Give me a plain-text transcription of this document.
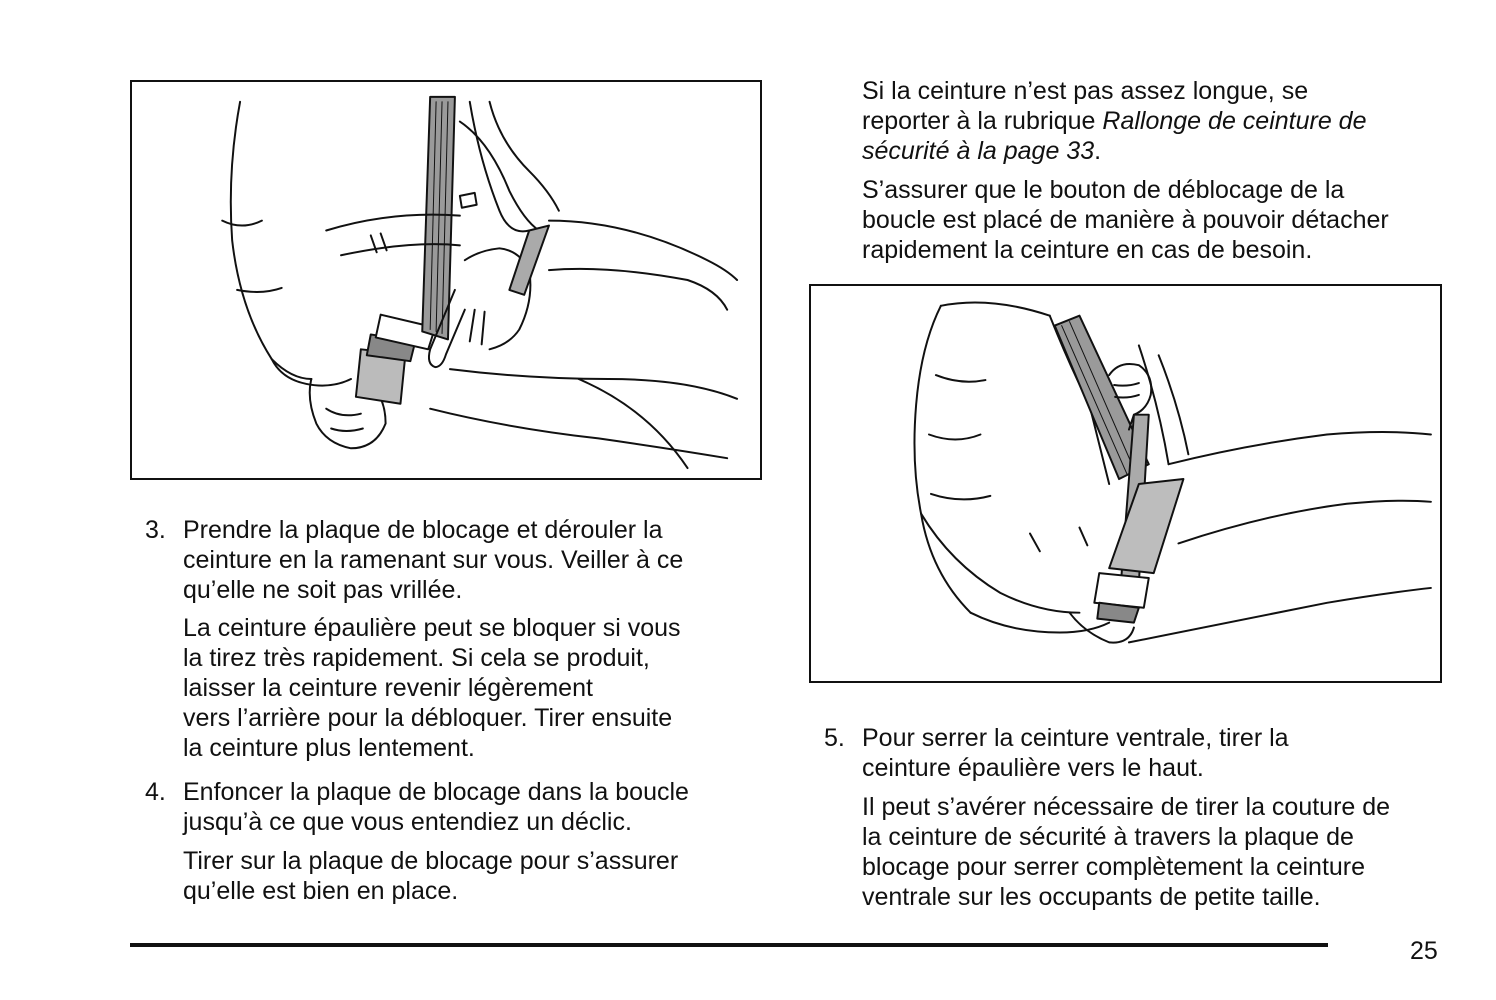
3. Prendre la plaque de blocage et dérouler la
ceinture en la ramenant sur vous. Veiller à ce
qu’elle ne soit pas vrillée.
La ceinture épaulière peut se bloquer si vous
la tirez très rapidement. Si cela se produit,
laisser la ceinture revenir légèrement
vers l’arrière pour la débloquer. Tirer ensuite
la ceinture plus lentement.
4. Enfoncer la plaque de blocage dans la boucle
jusqu’à ce que vous entendiez un déclic.
Tirer sur la plaque de blocage pour s’assurer
qu’elle est bien en place.
Si la ceinture n’est pas assez longue, se
reporter à la rubrique Rallonge de ceinture de
sécurité à la page 33.
S’assurer que le bouton de déblocage de la
boucle est placé de manière à pouvoir détacher
rapidement la ceinture en cas de besoin.
5. Pour serrer la ceinture ventrale, tirer la
ceinture épaulière vers le haut.
Il peut s’avérer nécessaire de tirer la couture de
la ceinture de sécurité à travers la plaque de
blocage pour serrer complètement la ceinture
ventrale sur les occupants de petite taille.
25
